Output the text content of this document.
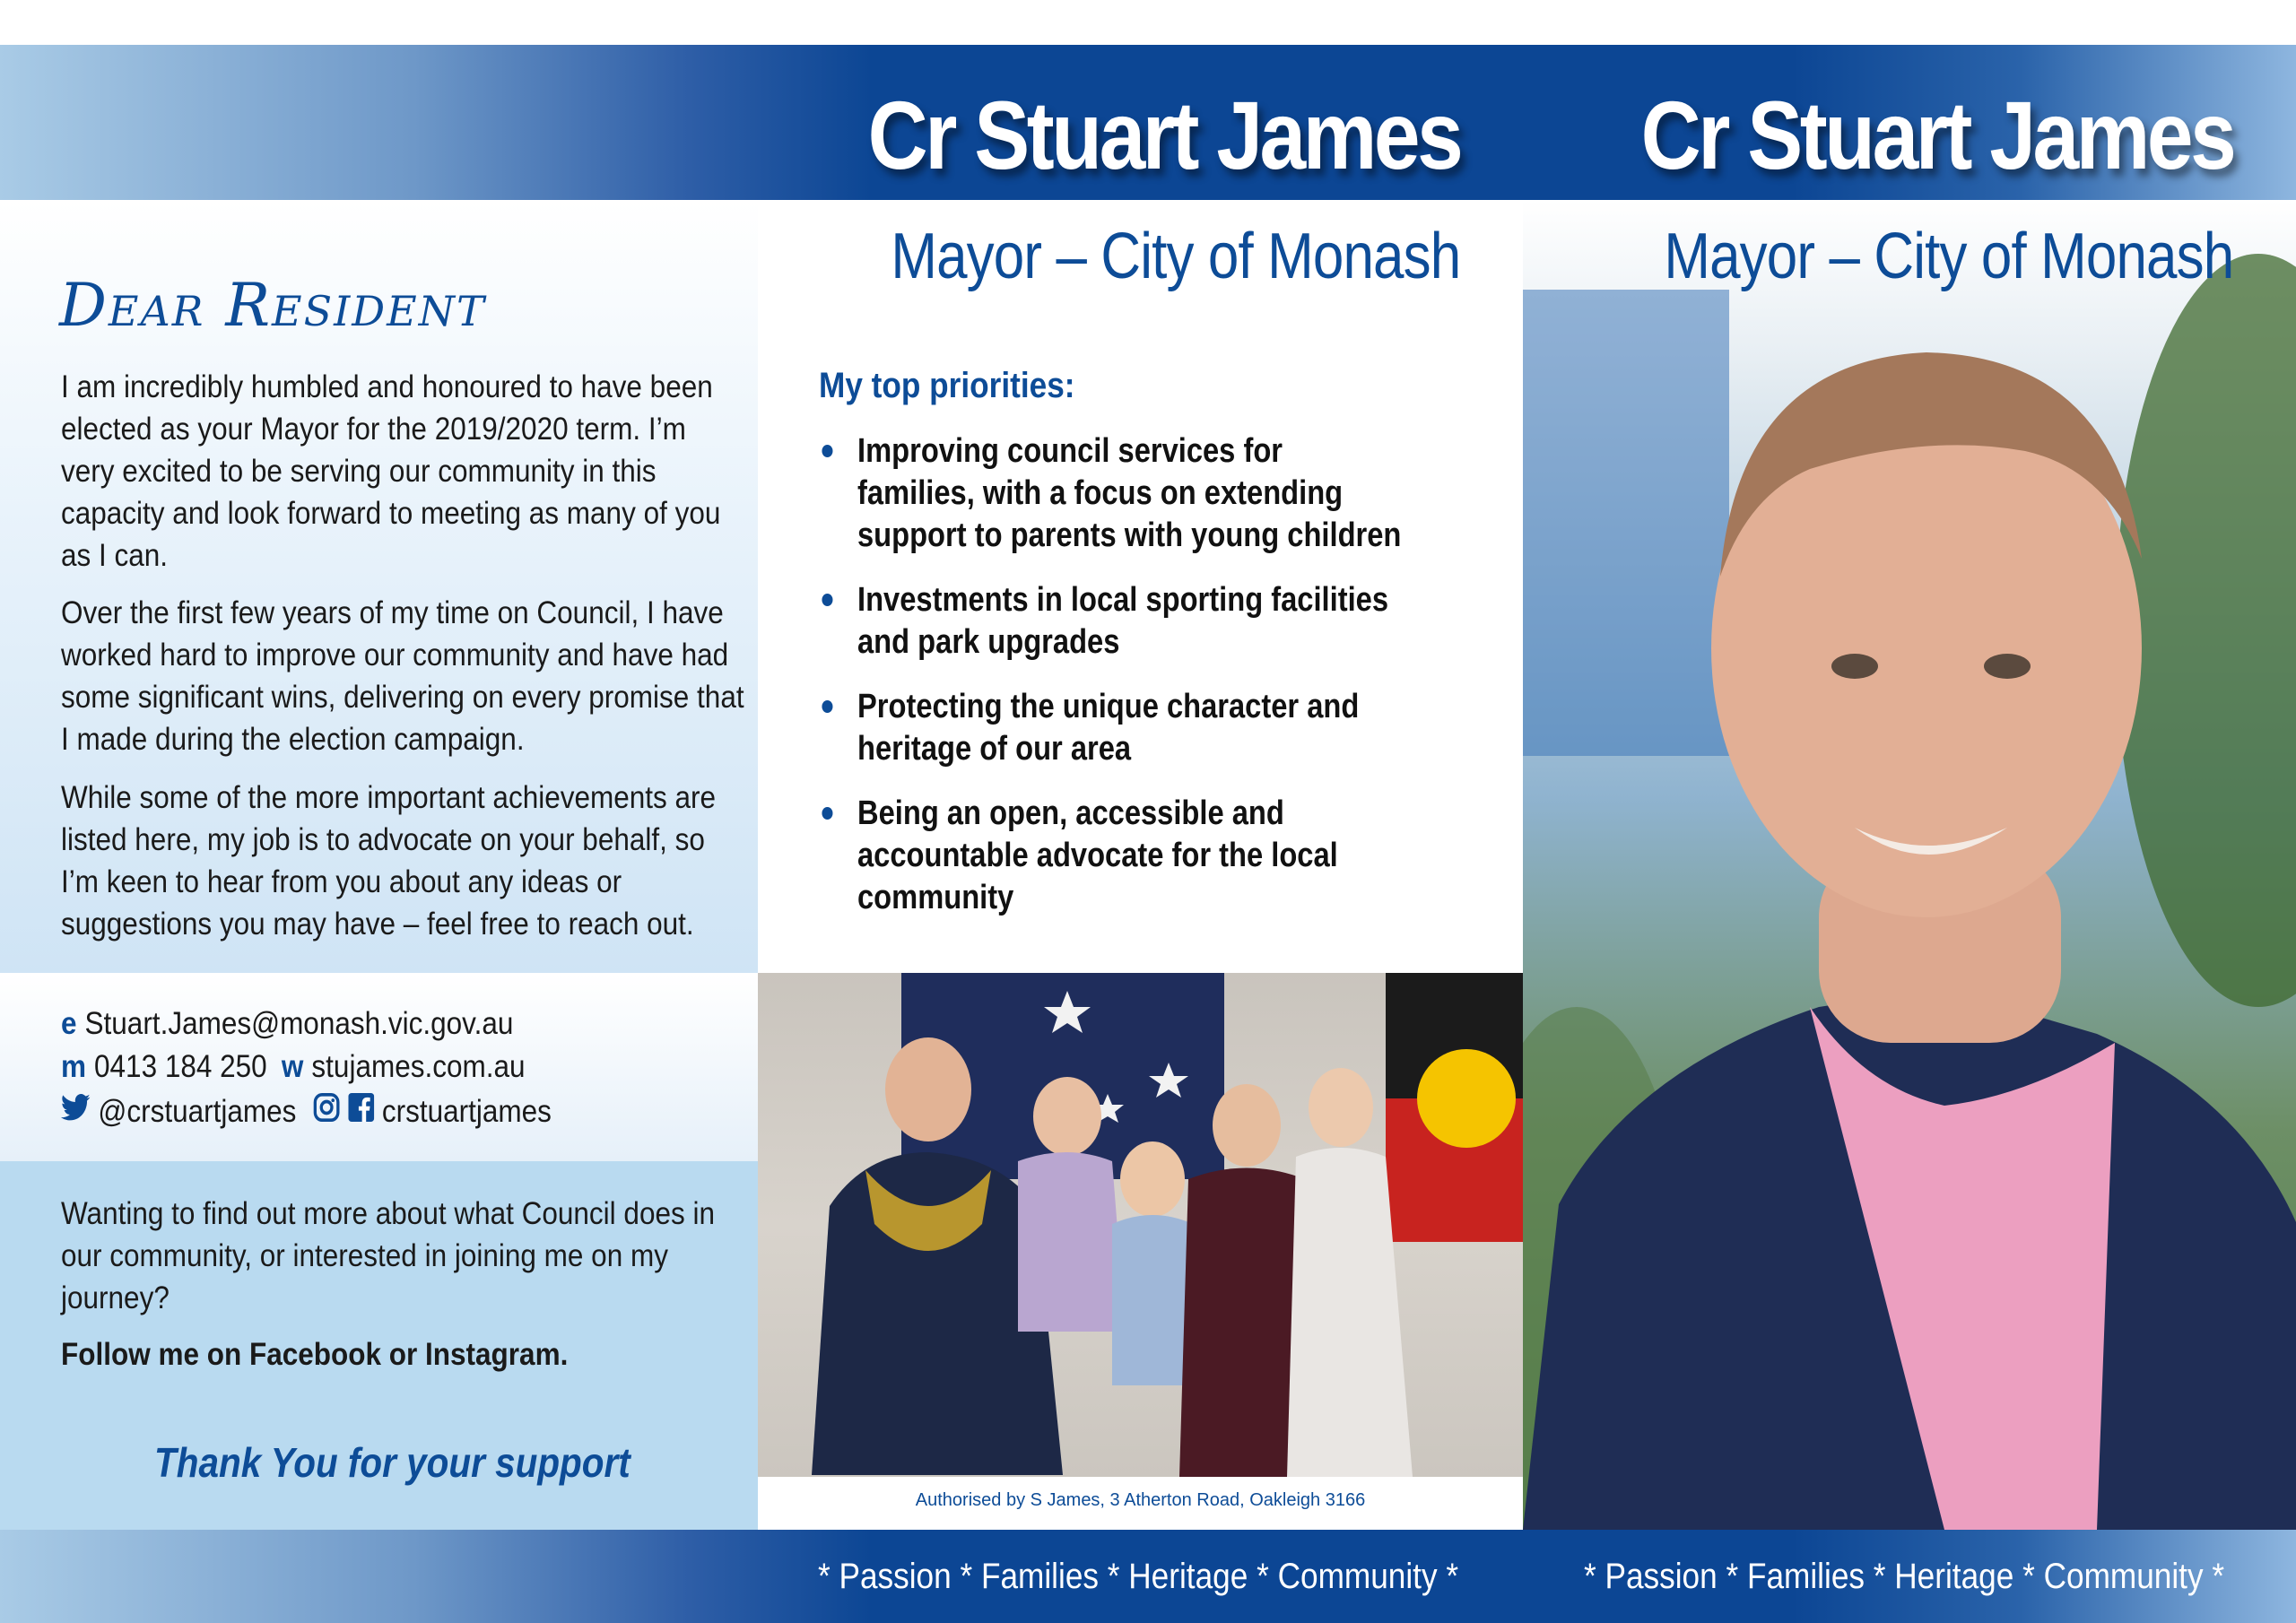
Cr Stuart James Cr Stuart James
Dear Resident

I am incredibly humbled and honoured to have been elected as your Mayor for the 2019/2020 term. I’m very excited to be serving our community in this capacity and look forward to meeting as many of you as I can.

Over the first few years of my time on Council, I have worked hard to improve our community and have had some significant wins, delivering on every promise that I made during the election campaign.

While some of the more important achievements are listed here, my job is to advocate on your behalf, so I’m keen to hear from you about any ideas or suggestions you may have – feel free to reach out.

e Stuart.James@monash.vic.gov.au
m 0413 184 250 w stujames.com.au
@crstuartjames	crstuartjames

Wanting to find out more about what Council does in our community, or interested in joining me on my journey?

Follow me on Facebook or Instagram.

Thank You for your support
Mayor – City of Monash
My top priorities:
Improving council services for families, with a focus on extending support to parents with young children
Investments in local sporting facilities and park upgrades
Protecting the unique character and heritage of our area
Being an open, accessible and accountable advocate for the local community
Authorised by S James, 3 Atherton Road, Oakleigh 3166
Mayor – City of Monash
* Passion * Families * Heritage * Community *	* Passion * Families * Heritage * Community *
